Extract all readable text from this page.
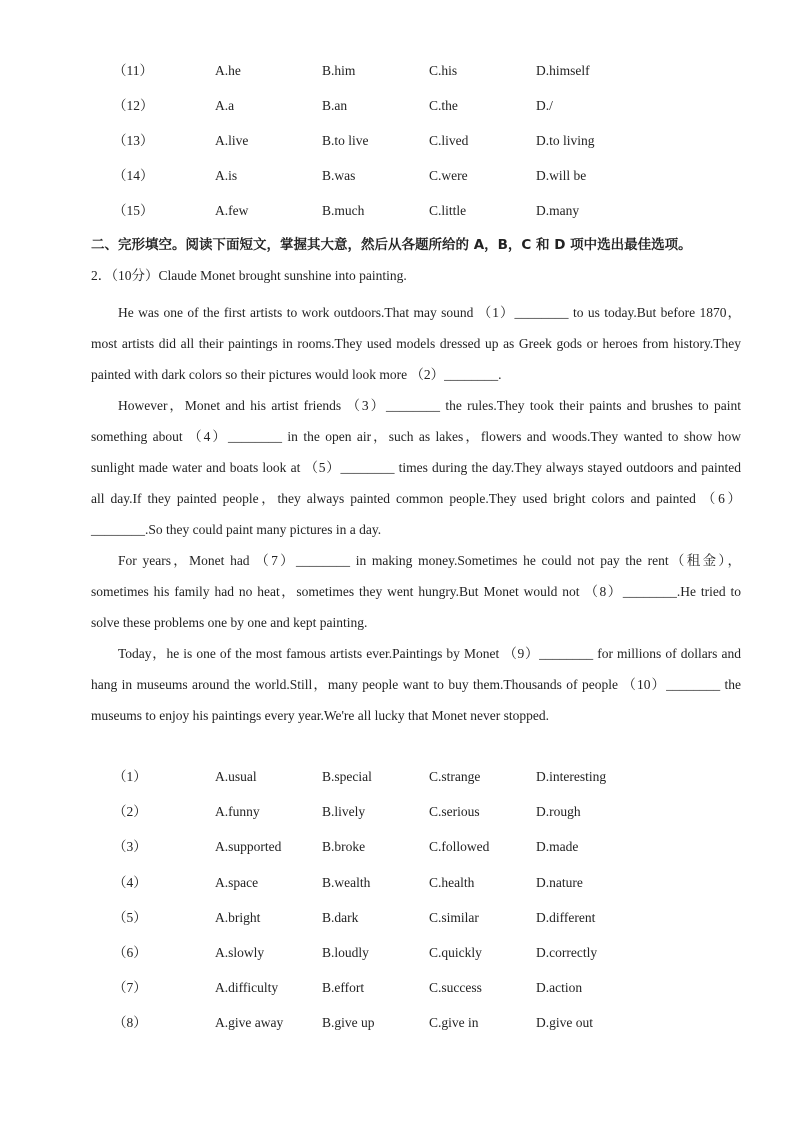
（11）	A.he	B.him	C.his	D.himself
（12）	A.a	B.an	C.the	D./
（13）	A.live	B.to live	C.lived	D.to living
（14）	A.is	B.was	C.were	D.will be
（15）	A.few	B.much	C.little	D.many
二、完形填空。阅读下面短文，掌握其大意，然后从各题所给的 A，B，C 和 D 项中选出最佳选项。
2．（10分）Claude Monet brought sunshine into painting.

He was one of the first artists to work outdoors.That may sound （1）________ to us today.But before 1870，most artists did all their paintings in rooms.They used models dressed up as Greek gods or heroes from history.They painted with dark colors so their pictures would look more （2）________.

However，Monet and his artist friends （3）________ the rules.They took their paints and brushes to paint something about （4）________ in the open air，such as lakes，flowers and woods.They wanted to show how sunlight made water and boats look at （5）________ times during the day.They always stayed outdoors and painted all day.If they painted people，they always painted common people.They used bright colors and painted （6）________.So they could paint many pictures in a day.

For years，Monet had （7）________ in making money.Sometimes he could not pay the rent（租金），sometimes his family had no heat，sometimes they went hungry.But Monet would not （8）________.He tried to solve these problems one by one and kept painting.

Today，he is one of the most famous artists ever.Paintings by Monet （9）________ for millions of dollars and hang in museums around the world.Still，many people want to buy them.Thousands of people （10）________ the museums to enjoy his paintings every year.We're all lucky that Monet never stopped.

（1）	A.usual	B.special	C.strange	D.interesting
（2）	A.funny	B.lively	C.serious	D.rough
（3）	A.supported	B.broke	C.followed	D.made
（4）	A.space	B.wealth	C.health	D.nature
（5）	A.bright	B.dark	C.similar	D.different
（6）	A.slowly	B.loudly	C.quickly	D.correctly
（7）	A.difficulty	B.effort	C.success	D.action
（8）	A.give away	B.give up	C.give in	D.give out
